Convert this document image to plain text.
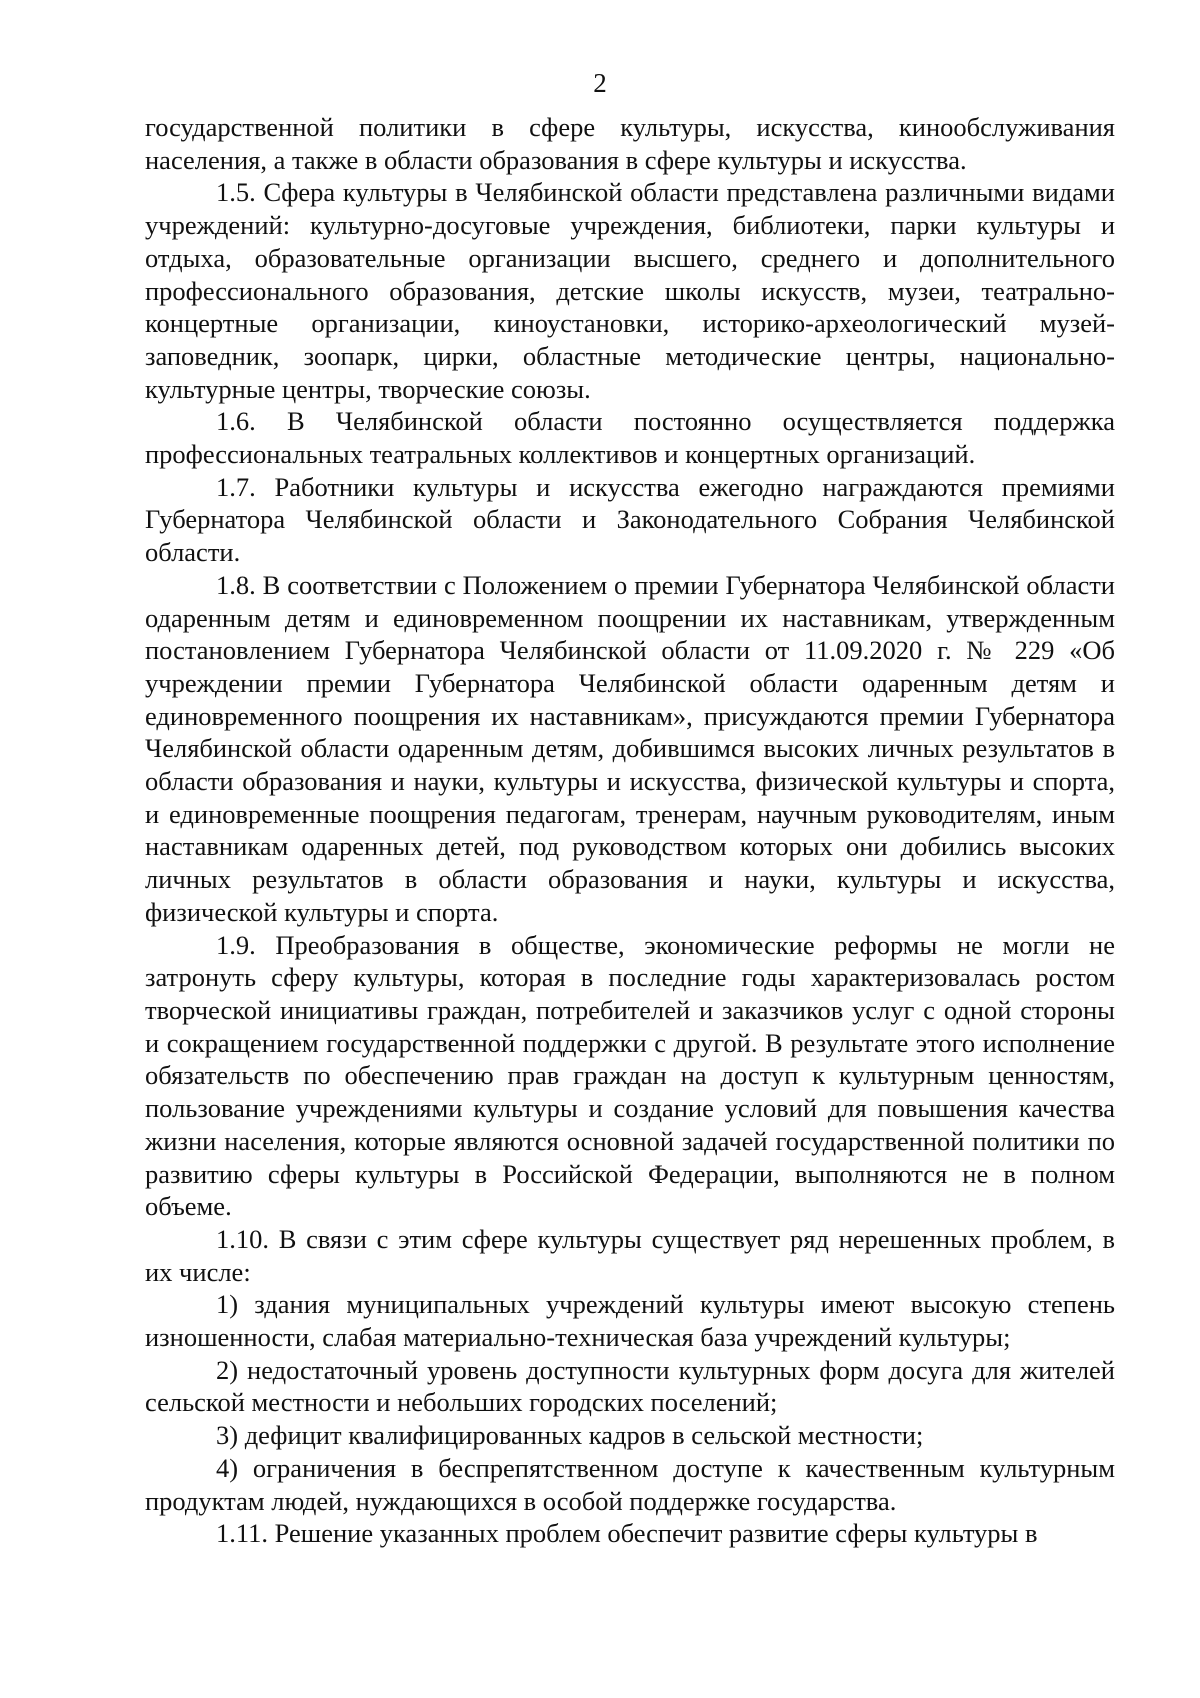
2

государственной политики в сфере культуры, искусства, кинообслуживания населения, а также в области образования в сфере культуры и искусства.

1.5. Сфера культуры в Челябинской области представлена различными видами учреждений: культурно-досуговые учреждения, библиотеки, парки культуры и отдыха, образовательные организации высшего, среднего и дополнительного профессионального образования, детские школы искусств, музеи, театрально-концертные организации, киноустановки, историко-археологический музей-заповедник, зоопарк, цирки, областные методические центры, национально-культурные центры, творческие союзы.

1.6. В Челябинской области постоянно осуществляется поддержка профессиональных театральных коллективов и концертных организаций.

1.7. Работники культуры и искусства ежегодно награждаются премиями Губернатора Челябинской области и Законодательного Собрания Челябинской области.

1.8. В соответствии с Положением о премии Губернатора Челябинской области одаренным детям и единовременном поощрении их наставникам, утвержденным постановлением Губернатора Челябинской области от 11.09.2020 г. № 229 «Об учреждении премии Губернатора Челябинской области одаренным детям и единовременного поощрения их наставникам», присуждаются премии Губернатора Челябинской области одаренным детям, добившимся высоких личных результатов в области образования и науки, культуры и искусства, физической культуры и спорта, и единовременные поощрения педагогам, тренерам, научным руководителям, иным наставникам одаренных детей, под руководством которых они добились высоких личных результатов в области образования и науки, культуры и искусства, физической культуры и спорта.

1.9. Преобразования в обществе, экономические реформы не могли не затронуть сферу культуры, которая в последние годы характеризовалась ростом творческой инициативы граждан, потребителей и заказчиков услуг с одной стороны и сокращением государственной поддержки с другой. В результате этого исполнение обязательств по обеспечению прав граждан на доступ к культурным ценностям, пользование учреждениями культуры и создание условий для повышения качества жизни населения, которые являются основной задачей государственной политики по развитию сферы культуры в Российской Федерации, выполняются не в полном объеме.

1.10. В связи с этим сфере культуры существует ряд нерешенных проблем, в их числе:

1) здания муниципальных учреждений культуры имеют высокую степень изношенности, слабая материально-техническая база учреждений культуры;

2) недостаточный уровень доступности культурных форм досуга для жителей сельской местности и небольших городских поселений;

3) дефицит квалифицированных кадров в сельской местности;

4) ограничения в беспрепятственном доступе к качественным культурным продуктам людей, нуждающихся в особой поддержке государства.

1.11. Решение указанных проблем обеспечит развитие сферы культуры в
